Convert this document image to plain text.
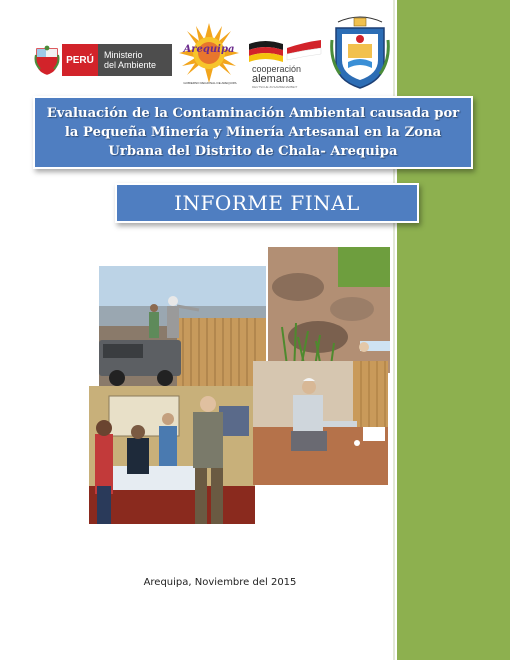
PERÚ	Ministerio
del Ambiente
Arequipa
GOBIERNO REGIONAL DE AREQUIPA
cooperación
alemana
DEUTSCHE ZUSAMMENARBEIT
Evaluación de la Contaminación Ambiental causada por la Pequeña Minería y Minería Artesanal en la Zona Urbana del Distrito de Chala- Arequipa
INFORME FINAL
Arequipa, Noviembre del 2015
